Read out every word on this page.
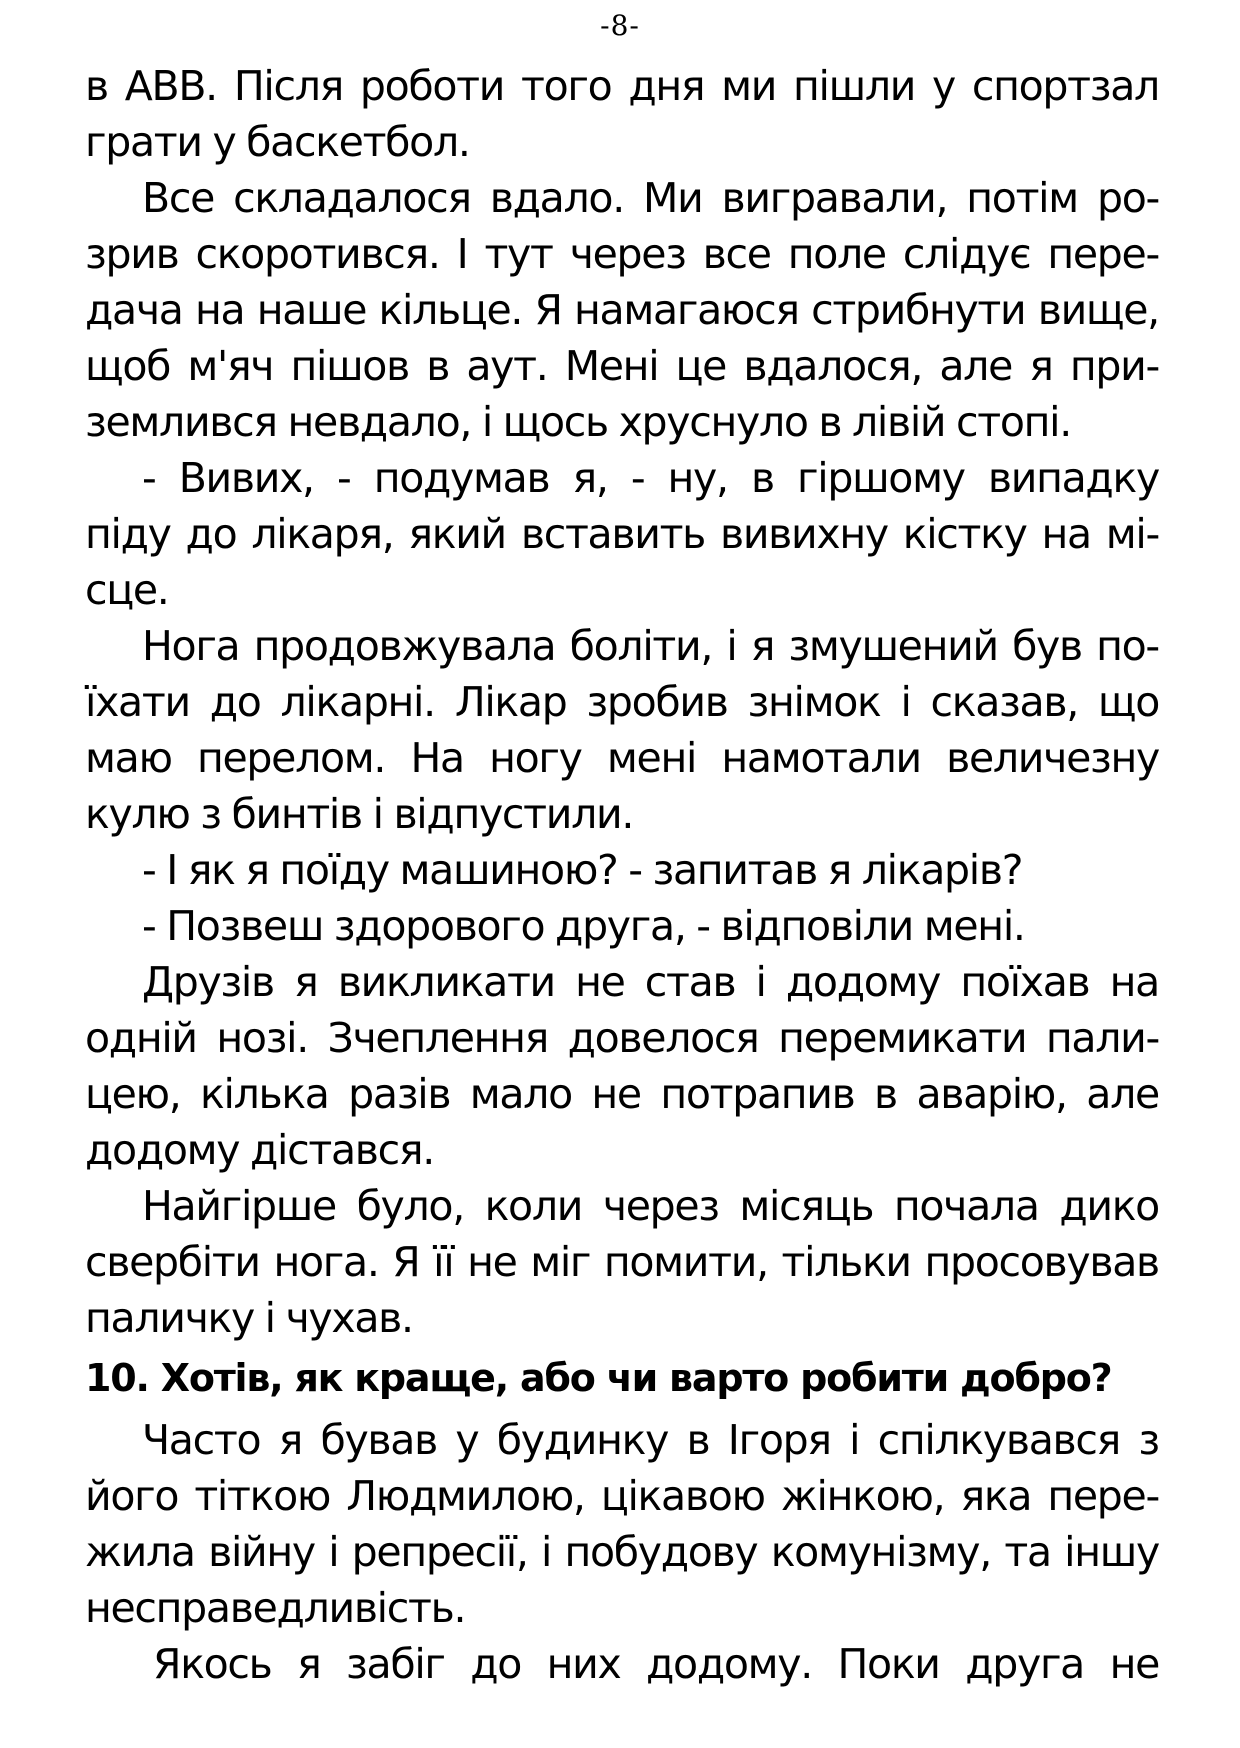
-8-
в АВВ. Після роботи того дня ми пішли у спортзал
грати у баскетбол.
Все складалося вдало. Ми вигравали, потім ро-
зрив скоротився. І тут через все поле слідує пере-
дача на наше кільце. Я намагаюся стрибнути вище,
щоб м'яч пішов в аут. Мені це вдалося, але я при-
землився невдало, і щось хруснуло в лівій стопі.
- Вивих, - подумав я, - ну, в гіршому випадку
піду до лікаря, який вставить вивихну кістку на мі-
сце.
Нога продовжувала боліти, і я змушений був по-
їхати до лікарні. Лікар зробив знімок і сказав, що
маю перелом. На ногу мені намотали величезну
кулю з бинтів і відпустили.
- І як я поїду машиною? - запитав я лікарів?
- Позвеш здорового друга, - відповіли мені.
Друзів я викликати не став і додому поїхав на
одній нозі. Зчеплення довелося перемикати пали-
цею, кілька разів мало не потрапив в аварію, але
додому дістався.
Найгірше було, коли через місяць почала дико
свербіти нога. Я її не міг помити, тільки просовував
паличку і чухав.
10. Хотів, як краще, або чи варто робити добро?
Часто я бував у будинку в Ігоря і спілкувався з
його тіткою Людмилою, цікавою жінкою, яка пере-
жила війну і репресії, і побудову комунізму, та іншу
несправедливість.
Якось я забіг до них додому. Поки друга не
